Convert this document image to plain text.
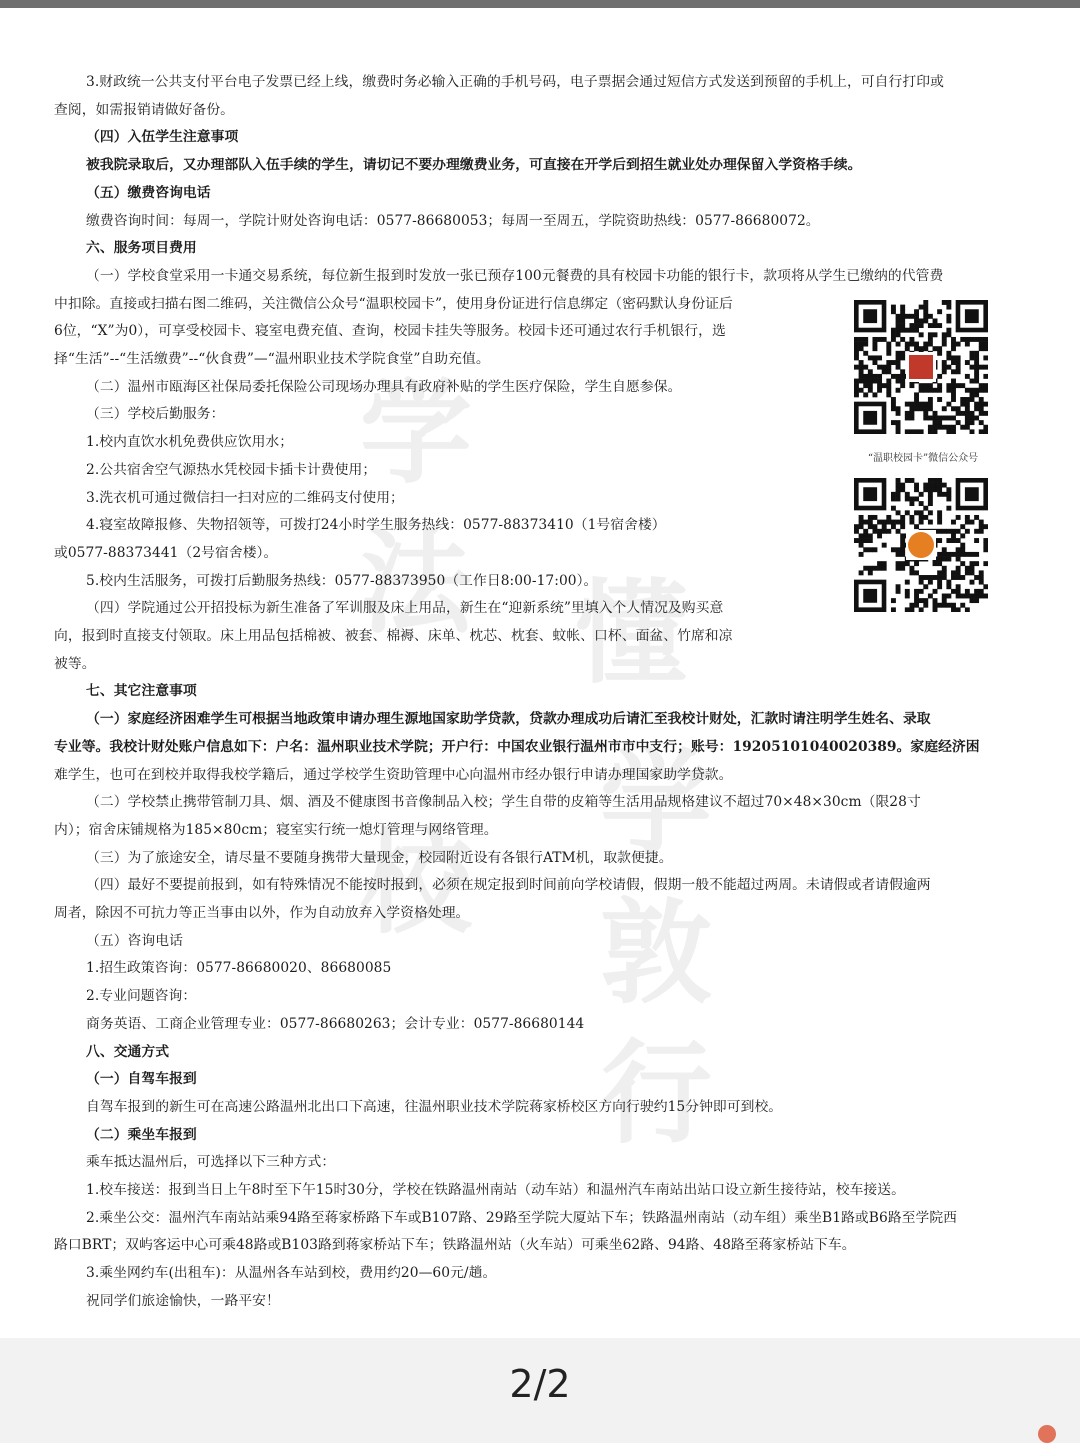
学
法
校
懂
学
敦
行
3.财政统一公共支付平台电子发票已经上线，缴费时务必输入正确的手机号码，电子票据会通过短信方式发送到预留的手机上，可自行打印或
查阅，如需报销请做好备份。
（四）入伍学生注意事项
被我院录取后，又办理部队入伍手续的学生，请切记不要办理缴费业务，可直接在开学后到招生就业处办理保留入学资格手续。
（五）缴费咨询电话
缴费咨询时间：每周一，学院计财处咨询电话：0577-86680053；每周一至周五，学院资助热线：0577-86680072。
六、服务项目费用
（一）学校食堂采用一卡通交易系统，每位新生报到时发放一张已预存100元餐费的具有校园卡功能的银行卡，款项将从学生已缴纳的代管费
中扣除。直接或扫描右图二维码，关注微信公众号“温职校园卡”，使用身份证进行信息绑定（密码默认身份证后
6位，“X”为0），可享受校园卡、寝室电费充值、查询，校园卡挂失等服务。校园卡还可通过农行手机银行，选
择“生活”--“生活缴费”--“伙食费”—“温州职业技术学院食堂”自助充值。
（二）温州市瓯海区社保局委托保险公司现场办理具有政府补贴的学生医疗保险，学生自愿参保。
（三）学校后勤服务：
1.校内直饮水机免费供应饮用水；
2.公共宿舍空气源热水凭校园卡插卡计费使用；
3.洗衣机可通过微信扫一扫对应的二维码支付使用；
4.寝室故障报修、失物招领等，可拨打24小时学生服务热线：0577-88373410（1号宿舍楼）
或0577-88373441（2号宿舍楼）。
5.校内生活服务，可拨打后勤服务热线：0577-88373950（工作日8:00-17:00）。
（四）学院通过公开招投标为新生准备了军训服及床上用品，新生在“迎新系统”里填入个人情况及购买意
向，报到时直接支付领取。床上用品包括棉被、被套、棉褥、床单、枕芯、枕套、蚊帐、口杯、面盆、竹席和凉
被等。
七、其它注意事项
（一）家庭经济困难学生可根据当地政策申请办理生源地国家助学贷款，贷款办理成功后请汇至我校计财处，汇款时请注明学生姓名、录取
专业等。我校计财处账户信息如下：户名：温州职业技术学院；开户行：中国农业银行温州市市中支行；账号：19205101040020389。家庭经济困
难学生，也可在到校并取得我校学籍后，通过学校学生资助管理中心向温州市经办银行申请办理国家助学贷款。
（二）学校禁止携带管制刀具、烟、酒及不健康图书音像制品入校；学生自带的皮箱等生活用品规格建议不超过70×48×30cm（限28寸
内）；宿舍床铺规格为185×80cm；寝室实行统一熄灯管理与网络管理。
（三）为了旅途安全，请尽量不要随身携带大量现金，校园附近设有各银行ATM机，取款便捷。
（四）最好不要提前报到，如有特殊情况不能按时报到，必须在规定报到时间前向学校请假，假期一般不能超过两周。未请假或者请假逾两
周者，除因不可抗力等正当事由以外，作为自动放弃入学资格处理。
（五）咨询电话
1.招生政策咨询：0577-86680020、86680085
2.专业问题咨询：
商务英语、工商企业管理专业：0577-86680263；会计专业：0577-86680144
八、交通方式
（一）自驾车报到
自驾车报到的新生可在高速公路温州北出口下高速，往温州职业技术学院蒋家桥校区方向行驶约15分钟即可到校。
（二）乘坐车报到
乘车抵达温州后，可选择以下三种方式：
1.校车接送：报到当日上午8时至下午15时30分，学校在铁路温州南站（动车站）和温州汽车南站出站口设立新生接待站，校车接送。
2.乘坐公交：温州汽车南站站乘94路至蒋家桥路下车或B107路、29路至学院大厦站下车；铁路温州南站（动车组）乘坐B1路或B6路至学院西
路口BRT；双屿客运中心可乘48路或B103路到蒋家桥站下车；铁路温州站（火车站）可乘坐62路、94路、48路至蒋家桥站下车。
3.乘坐网约车(出租车)：从温州各车站到校，费用约20—60元/趟。
祝同学们旅途愉快，一路平安！
“温职校园卡”微信公众号
2/2
